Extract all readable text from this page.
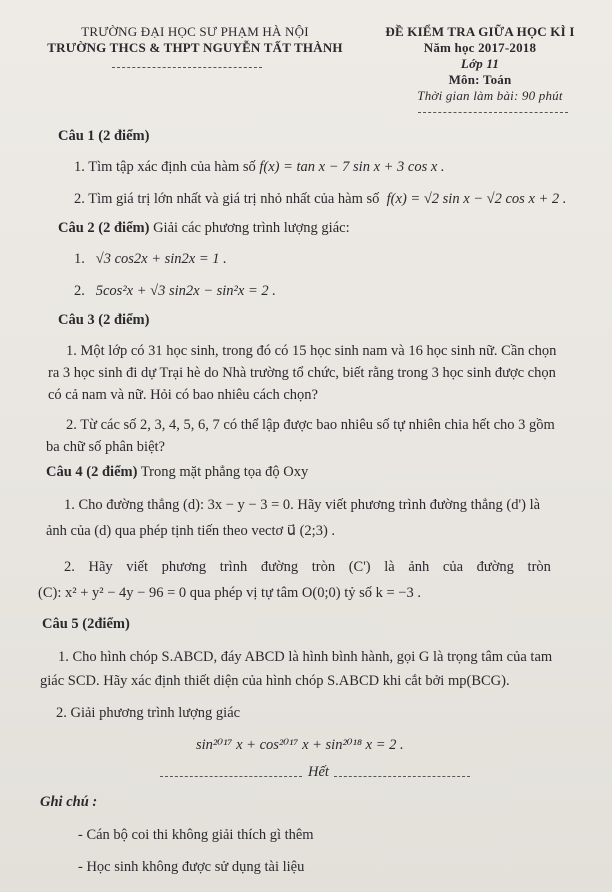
TRƯỜNG ĐẠI HỌC SƯ PHẠM HÀ NỘI
TRƯỜNG THCS & THPT NGUYỄN TẤT THÀNH
ĐỀ KIỂM TRA GIỮA HỌC KÌ I
Năm học 2017-2018
Lớp 11
Môn: Toán
Thời gian làm bài: 90 phút
Câu 1 (2 điểm)
1. Tìm tập xác định của hàm số f(x) = tan x − 7 sin x + 3 cos x .
2. Tìm giá trị lớn nhất và giá trị nhỏ nhất của hàm số f(x) = √2 sin x − √2 cos x + 2 .
Câu 2 (2 điểm) Giải các phương trình lượng giác:
1. √3 cos2x + sin2x = 1 .
2. 5cos²x + √3 sin2x − sin²x = 2 .
Câu 3 (2 điểm)
1. Một lớp có 31 học sinh, trong đó có 15 học sinh nam và 16 học sinh nữ. Cần chọn
ra 3 học sinh đi dự Trại hè do Nhà trường tổ chức, biết rằng trong 3 học sinh được chọn
có cả nam và nữ. Hỏi có bao nhiêu cách chọn?
2. Từ các số 2, 3, 4, 5, 6, 7 có thể lập được bao nhiêu số tự nhiên chia hết cho 3 gồm
ba chữ số phân biệt?
Câu 4 (2 điểm) Trong mặt phẳng tọa độ Oxy
1. Cho đường thẳng (d): 3x − y − 3 = 0. Hãy viết phương trình đường thẳng (d') là
ảnh của (d) qua phép tịnh tiến theo vectơ u⃗ (2;3) .
2. Hãy viết phương trình đường tròn (C') là ảnh của đường tròn
(C): x² + y² − 4y − 96 = 0 qua phép vị tự tâm O(0;0) tỷ số k = −3 .
Câu 5 (2điểm)
1. Cho hình chóp S.ABCD, đáy ABCD là hình bình hành, gọi G là trọng tâm của tam
giác SCD. Hãy xác định thiết diện của hình chóp S.ABCD khi cắt bởi mp(BCG).
2. Giải phương trình lượng giác
sin²⁰¹⁷ x + cos²⁰¹⁷ x + sin²⁰¹⁸ x = 2 .
Hết
Ghi chú :
- Cán bộ coi thi không giải thích gì thêm
- Học sinh không được sử dụng tài liệu
